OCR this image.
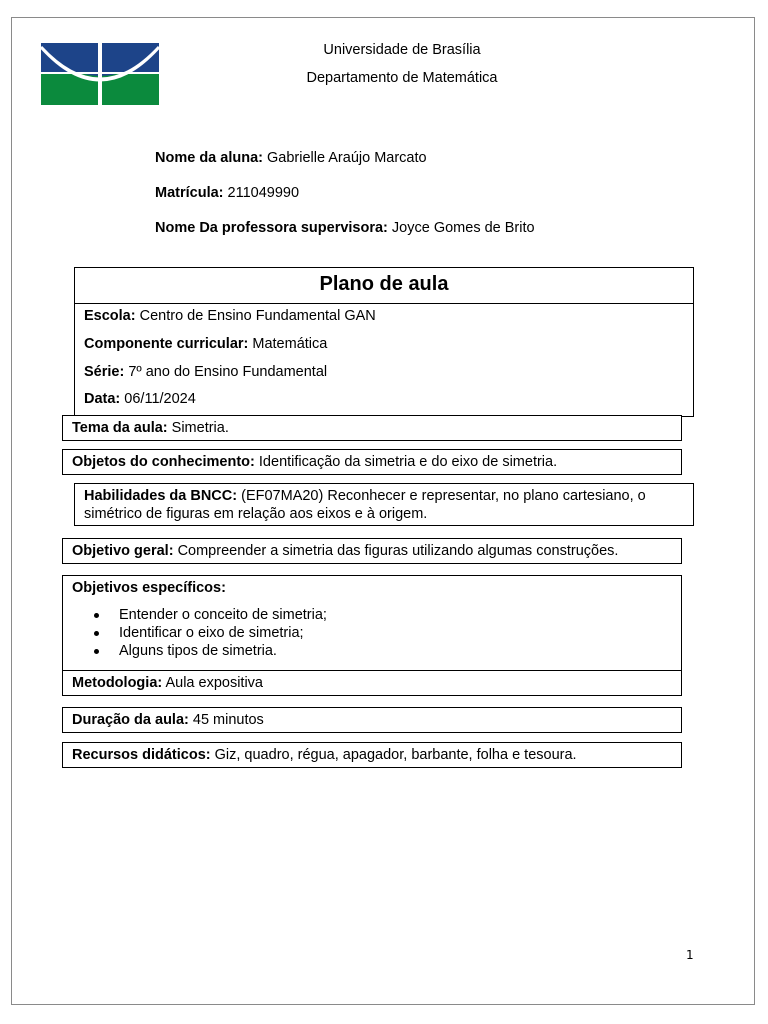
Universidade de Brasília
Departamento de Matemática
Nome da aluna: Gabrielle Araújo Marcato
Matrícula: 211049990
Nome Da professora supervisora: Joyce Gomes de Brito
Plano de aula
Escola: Centro de Ensino Fundamental GAN
Componente curricular: Matemática
Série: 7º ano do Ensino Fundamental
Data: 06/11/2024
Tema da aula: Simetria.
Objetos do conhecimento: Identificação da simetria e do eixo de simetria.
Habilidades da BNCC: (EF07MA20) Reconhecer e representar, no plano cartesiano, o simétrico de figuras em relação aos eixos e à origem.
Objetivo geral: Compreender a simetria das figuras utilizando algumas construções.
Objetivos específicos:
Entender o conceito de simetria;
Identificar o eixo de simetria;
Alguns tipos de simetria.
Metodologia: Aula expositiva
Duração da aula: 45 minutos
Recursos didáticos: Giz, quadro, régua, apagador, barbante, folha e tesoura.
1
